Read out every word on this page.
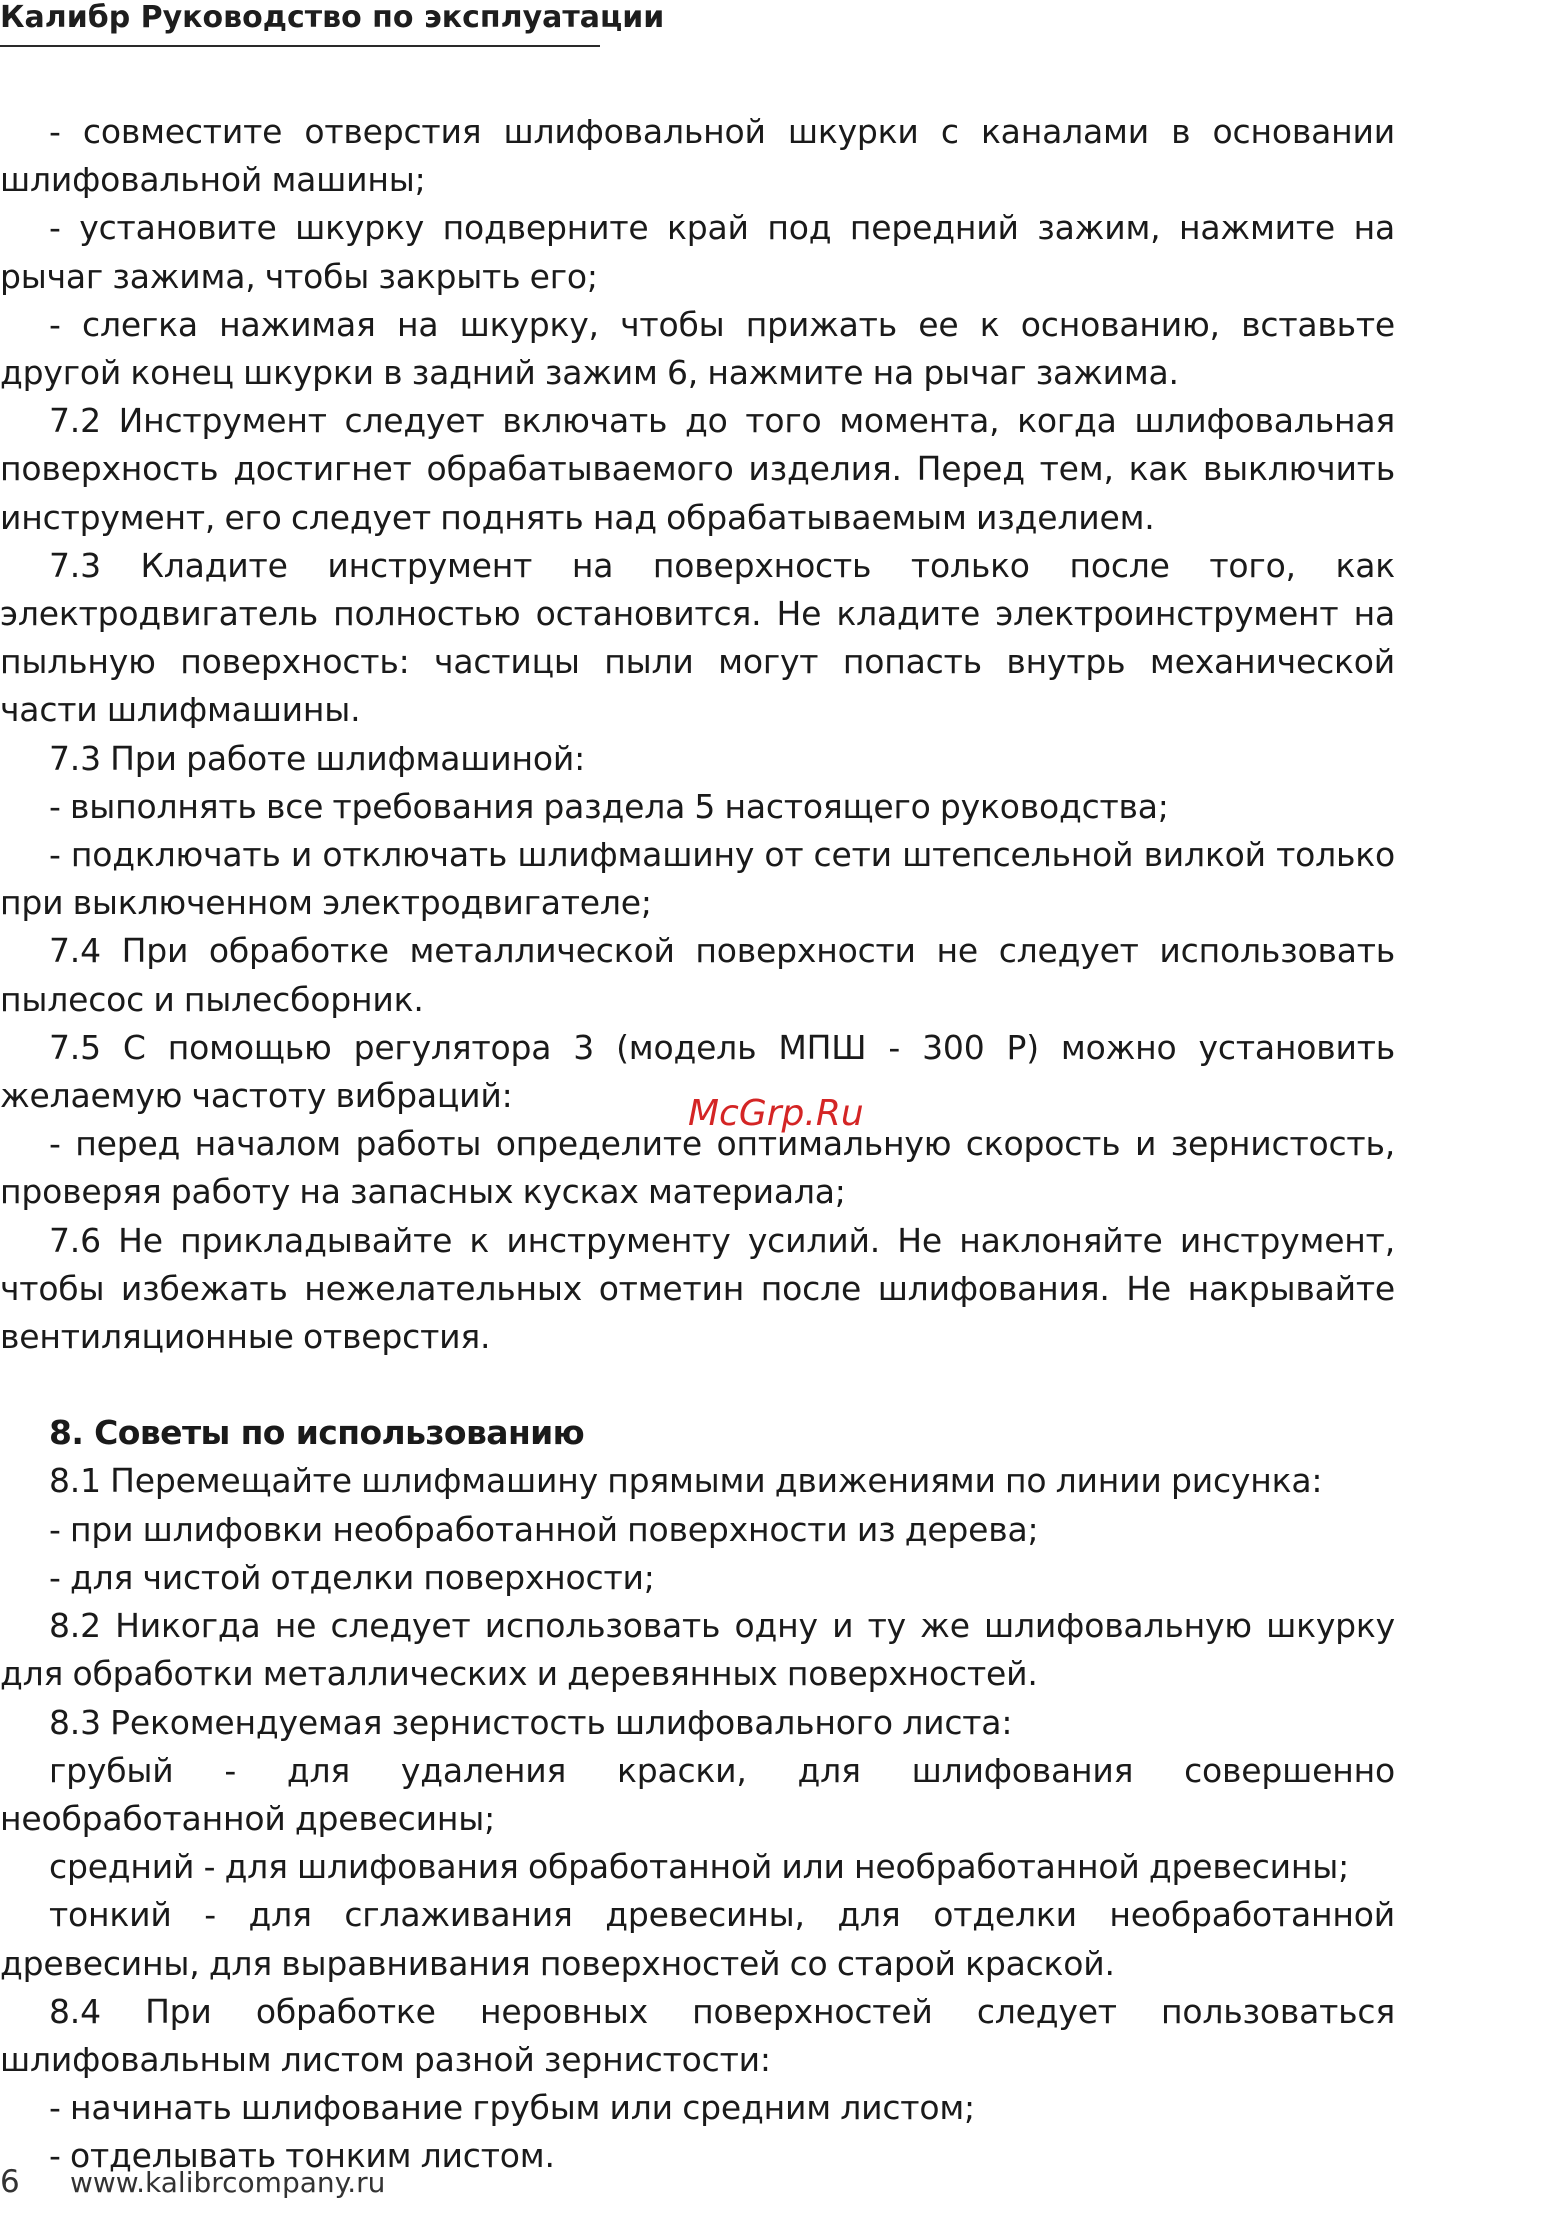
Калибр Руководство по эксплуатации

- совместите отверстия шлифовальной шкурки с каналами в основании шлифовальной машины;

- установите шкурку подверните край под передний зажим, нажмите на рычаг зажима, чтобы закрыть его;

- слегка нажимая на шкурку, чтобы прижать ее к основанию, вставьте другой конец шкурки в задний зажим 6, нажмите на рычаг зажима.

7.2 Инструмент следует включать до того момента, когда шлифовальная поверхность достигнет обрабатываемого изделия. Перед тем, как выключить инструмент, его следует поднять над обрабатываемым изделием.

7.3 Кладите инструмент на поверхность только после того, как электродвигатель полностью остановится. Не кладите электроинструмент на пыльную поверхность: частицы пыли могут попасть внутрь механической части шлифмашины.

7.3 При работе шлифмашиной:

- выполнять все требования раздела 5 настоящего руководства;

- подключать и отключать шлифмашину от сети штепсельной вилкой только при выключенном электродвигателе;

7.4 При обработке металлической поверхности не следует использовать пылесос и пылесборник.

7.5 С помощью регулятора 3 (модель МПШ - 300 Р) можно установить желаемую частоту вибраций:

- перед началом работы определите оптимальную скорость и зернистость, проверяя работу на запасных кусках материала;

7.6 Не прикладывайте к инструменту усилий. Не наклоняйте инструмент, чтобы избежать нежелательных отметин после шлифования. Не накрывайте вентиляционные отверстия.

8. Советы по использованию

8.1 Перемещайте шлифмашину прямыми движениями по линии рисунка:

- при шлифовки необработанной поверхности из дерева;

- для чистой отделки поверхности;

8.2 Никогда не следует использовать одну и ту же шлифовальную шкурку для обработки металлических и деревянных поверхностей.

8.3 Рекомендуемая зернистость шлифовального листа:

грубый - для удаления краски, для шлифования совершенно необработанной древесины;

средний - для шлифования обработанной или необработанной древесины;

тонкий - для сглаживания древесины, для отделки необработанной древесины, для выравнивания поверхностей со старой краской.

8.4 При обработке неровных поверхностей следует пользоваться шлифовальным листом разной зернистости:

- начинать шлифование грубым или средним листом;

- отделывать тонким листом.

McGrp.Ru
6 www.kalibrcompany.ru
